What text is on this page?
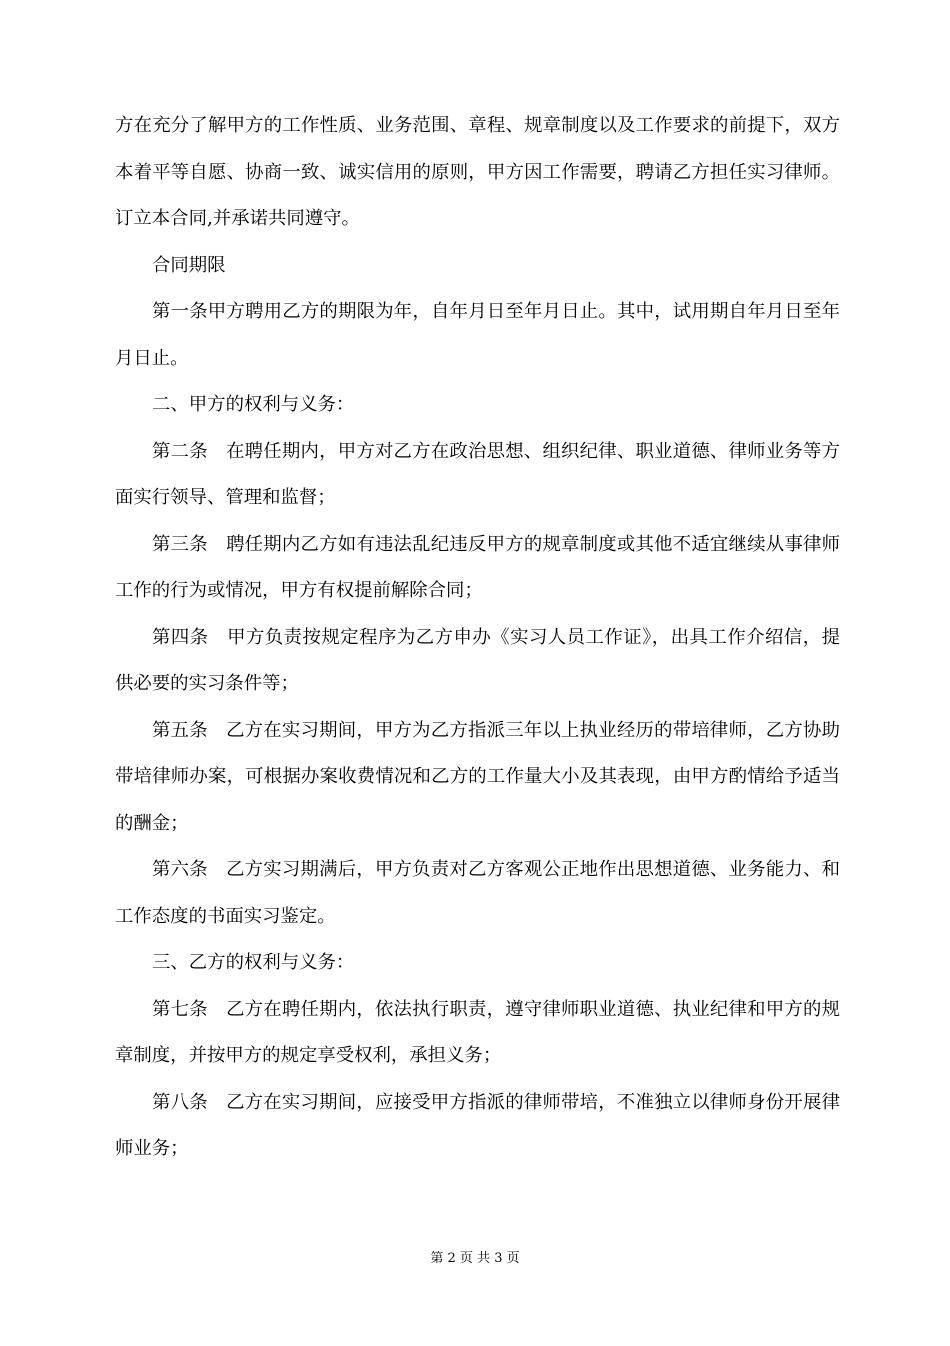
方在充分了解甲方的工作性质、业务范围、章程、规章制度以及工作要求的前提下，双方本着平等自愿、协商一致、诚实信用的原则，甲方因工作需要，聘请乙方担任实习律师。订立本合同,并承诺共同遵守。

合同期限

第一条甲方聘用乙方的期限为年，自年月日至年月日止。其中，试用期自年月日至年月日止。

二、甲方的权利与义务：

第二条 在聘任期内，甲方对乙方在政治思想、组织纪律、职业道德、律师业务等方面实行领导、管理和监督；

第三条 聘任期内乙方如有违法乱纪违反甲方的规章制度或其他不适宜继续从事律师工作的行为或情况，甲方有权提前解除合同；

第四条 甲方负责按规定程序为乙方申办《实习人员工作证》，出具工作介绍信，提供必要的实习条件等；

第五条 乙方在实习期间，甲方为乙方指派三年以上执业经历的带培律师，乙方协助带培律师办案，可根据办案收费情况和乙方的工作量大小及其表现，由甲方酌情给予适当的酬金；

第六条 乙方实习期满后，甲方负责对乙方客观公正地作出思想道德、业务能力、和工作态度的书面实习鉴定。

三、乙方的权利与义务：

第七条 乙方在聘任期内，依法执行职责，遵守律师职业道德、执业纪律和甲方的规章制度，并按甲方的规定享受权利，承担义务；

第八条 乙方在实习期间，应接受甲方指派的律师带培，不准独立以律师身份开展律师业务；

第 2 页 共 3 页
